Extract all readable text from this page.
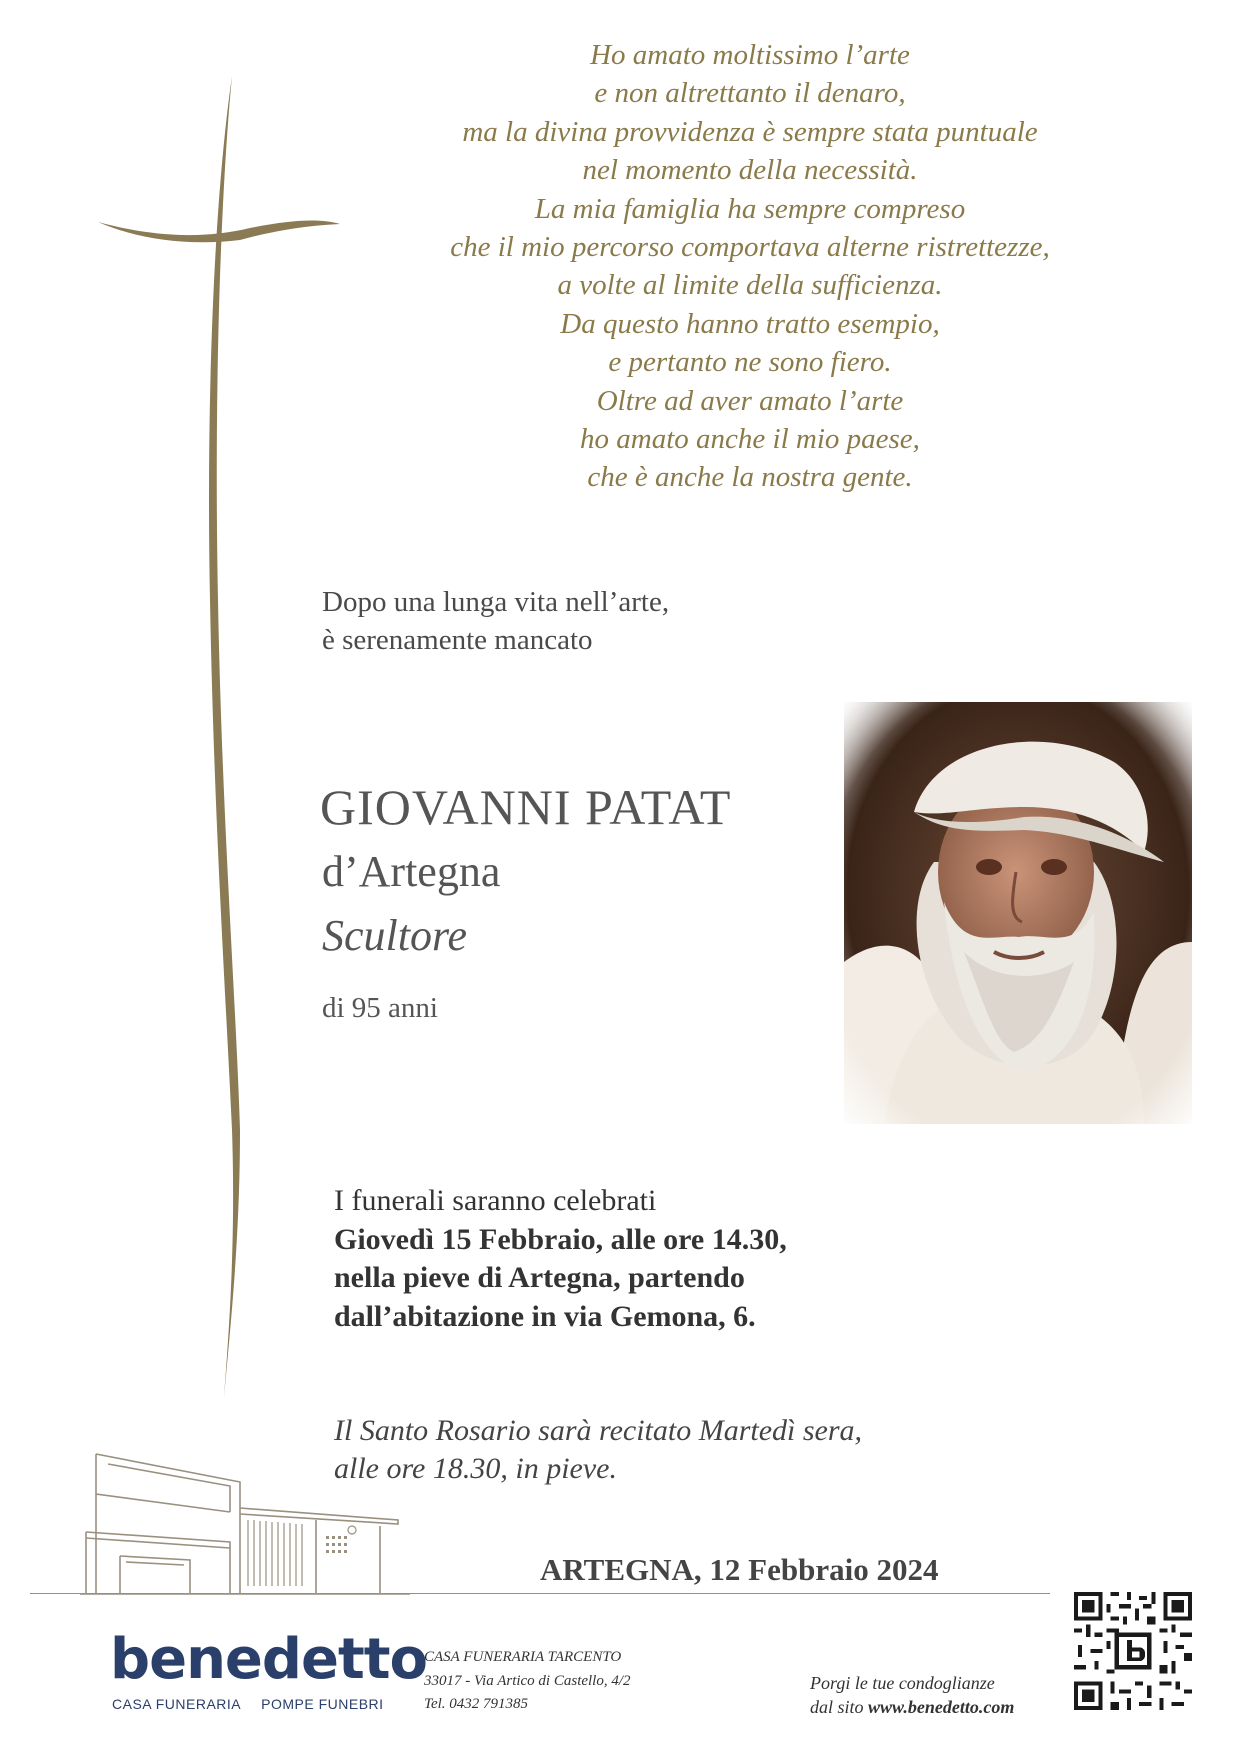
Ho amato moltissimo l’arte
e non altrettanto il denaro,
ma la divina provvidenza è sempre stata puntuale
nel momento della necessità.
La mia famiglia ha sempre compreso
che il mio percorso comportava alterne ristrettezze,
a volte al limite della sufficienza.
Da questo hanno tratto esempio,
e pertanto ne sono fiero.
Oltre ad aver amato l’arte
ho amato anche il mio paese,
che è anche la nostra gente.
Dopo una lunga vita nell’arte,
è serenamente mancato
GIOVANNI PATAT
d’Artegna
Scultore
di 95 anni
I funerali saranno celebrati
Giovedì 15 Febbraio, alle ore 14.30,
nella pieve di Artegna, partendo
dall’abitazione in via Gemona, 6.
Il Santo Rosario sarà recitato Martedì sera,
alle ore 18.30, in pieve.
ARTEGNA, 12 Febbraio 2024
benedetto
CASA FUNERARIA POMPE FUNEBRI
CASA FUNERARIA TARCENTO
33017 - Via Artico di Castello, 4/2
Tel. 0432 791385
Porgi le tue condoglianze
dal sito www.benedetto.com
